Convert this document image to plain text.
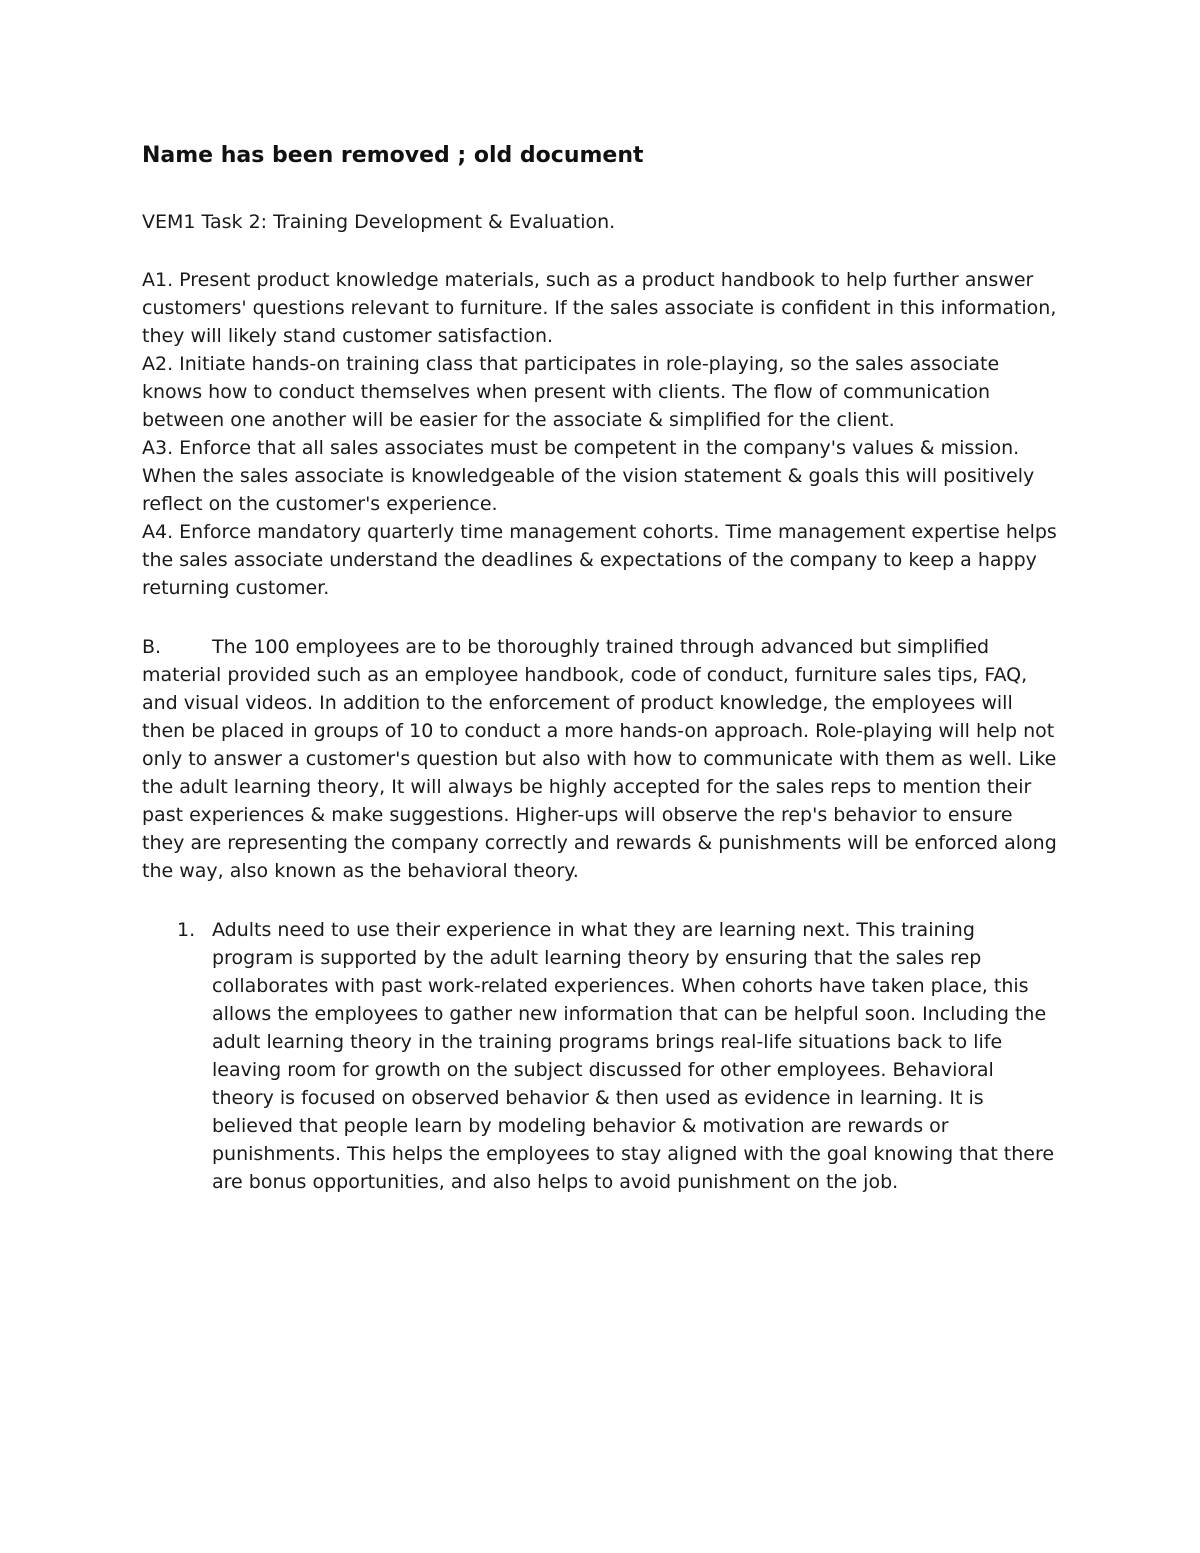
Name has been removed ; old document
VEM1 Task 2: Training Development & Evaluation.

A1. Present product knowledge materials, such as a product handbook to help further answer customers' questions relevant to furniture. If the sales associate is confident in this information, they will likely stand customer satisfaction.

A2. Initiate hands-on training class that participates in role-playing, so the sales associate knows how to conduct themselves when present with clients. The flow of communication between one another will be easier for the associate & simplified for the client.

A3. Enforce that all sales associates must be competent in the company's values & mission. When the sales associate is knowledgeable of the vision statement & goals this will positively reflect on the customer's experience.

A4. Enforce mandatory quarterly time management cohorts. Time management expertise helps the sales associate understand the deadlines & expectations of the company to keep a happy returning customer.

B.	The 100 employees are to be thoroughly trained through advanced but simplified material provided such as an employee handbook, code of conduct, furniture sales tips, FAQ, and visual videos. In addition to the enforcement of product knowledge, the employees will then be placed in groups of 10 to conduct a more hands-on approach. Role-playing will help not only to answer a customer's question but also with how to communicate with them as well. Like the adult learning theory, It will always be highly accepted for the sales reps to mention their past experiences & make suggestions. Higher-ups will observe the rep's behavior to ensure they are representing the company correctly and rewards & punishments will be enforced along the way, also known as the behavioral theory.

1. Adults need to use their experience in what they are learning next. This training program is supported by the adult learning theory by ensuring that the sales rep collaborates with past work-related experiences. When cohorts have taken place, this allows the employees to gather new information that can be helpful soon. Including the adult learning theory in the training programs brings real-life situations back to life leaving room for growth on the subject discussed for other employees. Behavioral theory is focused on observed behavior & then used as evidence in learning. It is believed that people learn by modeling behavior & motivation are rewards or punishments. This helps the employees to stay aligned with the goal knowing that there are bonus opportunities, and also helps to avoid punishment on the job.
